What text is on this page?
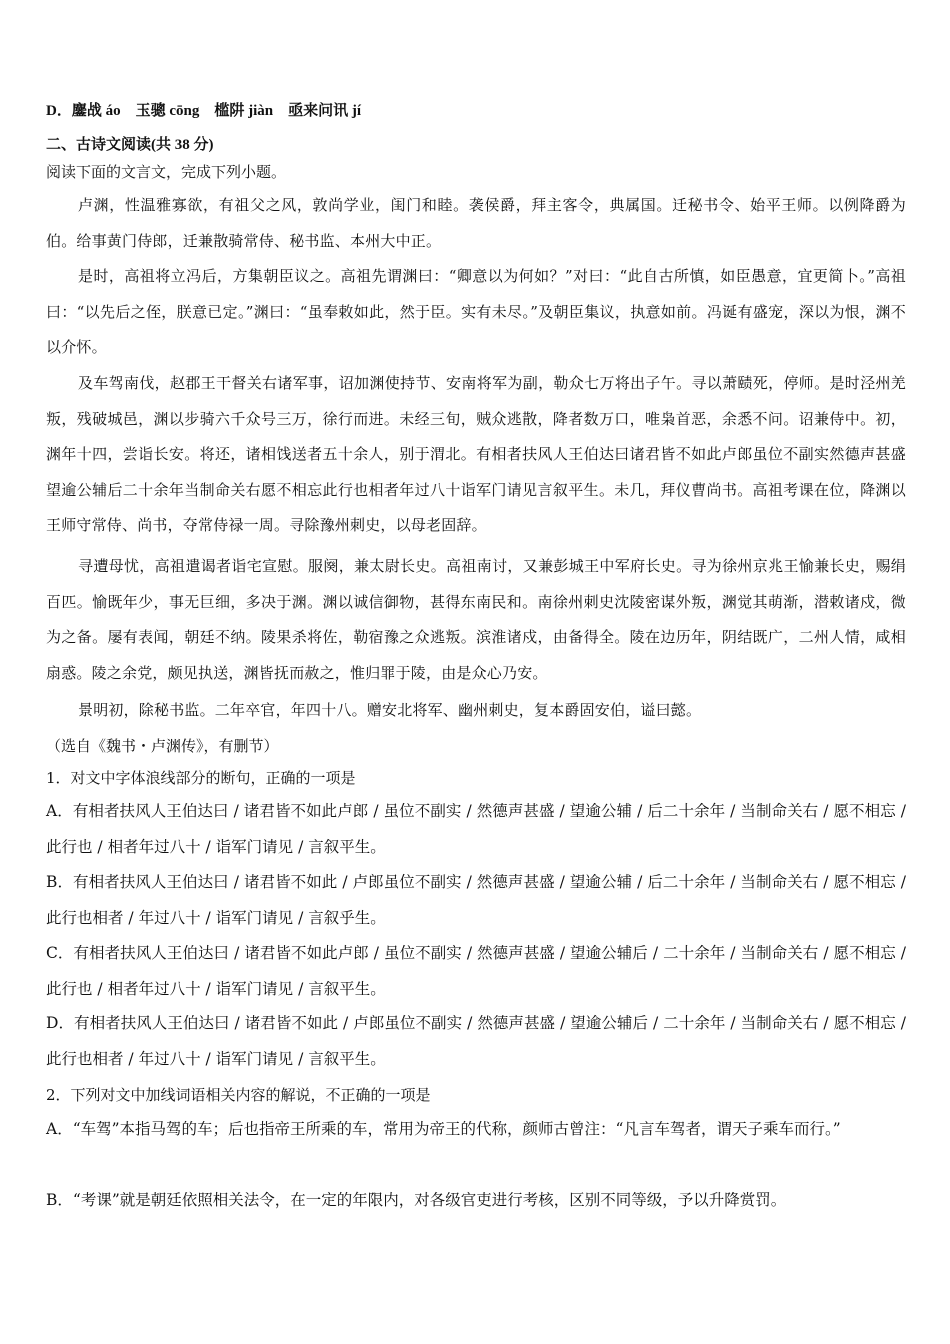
D．鏖战 áo　玉骢 cōng　槛阱 jiàn　亟来问讯 jí
二、古诗文阅读(共 38 分)
阅读下面的文言文，完成下列小题。
卢渊，性温雅寡欲，有祖父之风，敦尚学业，闺门和睦。袭侯爵，拜主客令，典属国。迁秘书令、始平王师。以例降爵为伯。给事黄门侍郎，迁兼散骑常侍、秘书监、本州大中正。
是时，高祖将立冯后，方集朝臣议之。高祖先谓渊曰：“卿意以为何如？”对曰：“此自古所慎，如臣愚意，宜更简卜。”高祖曰：“以先后之侄，朕意已定。”渊曰：“虽奉敕如此，然于臣。实有未尽。”及朝臣集议，执意如前。冯诞有盛宠，深以为恨，渊不以介怀。
及车驾南伐，赵郡王干督关右诸军事，诏加渊使持节、安南将军为副，勒众七万将出子午。寻以萧赜死，停师。是时泾州羌叛，残破城邑，渊以步骑六千众号三万，徐行而进。未经三旬，贼众逃散，降者数万口，唯枭首恶，余悉不问。诏兼侍中。初，渊年十四，尝诣长安。将还，诸相饯送者五十余人，别于渭北。有相者扶风人王伯达曰诸君皆不如此卢郎虽位不副实然德声甚盛望逾公辅后二十余年当制命关右愿不相忘此行也相者年过八十诣军门请见言叙平生。未几，拜仪曹尚书。高祖考课在位，降渊以王师守常侍、尚书，夺常侍禄一周。寻除豫州刺史，以母老固辞。
寻遭母忧，高祖遣谒者诣宅宣慰。服阕，兼太尉长史。高祖南讨，又兼彭城王中军府长史。寻为徐州京兆王愉兼长史，赐绢百匹。愉既年少，事无巨细，多决于渊。渊以诚信御物，甚得东南民和。南徐州刺史沈陵密谋外叛，渊觉其萌渐，潜敕诸戍，微为之备。屡有表闻，朝廷不纳。陵果杀将佐，勒宿豫之众逃叛。滨淮诸戍，由备得全。陵在边历年，阴结既广，二州人情，咸相扇惑。陵之余党，颇见执送，渊皆抚而赦之，惟归罪于陵，由是众心乃安。
景明初，除秘书监。二年卒官，年四十八。赠安北将军、幽州刺史，复本爵固安伯，谥曰懿。
（选自《魏书・卢渊传》，有删节）
1．对文中字体浪线部分的断句，正确的一项是
A．有相者扶风人王伯达曰 / 诸君皆不如此卢郎 / 虽位不副实 / 然德声甚盛 / 望逾公辅 / 后二十余年 / 当制命关右 / 愿不相忘 / 此行也 / 相者年过八十 / 诣军门请见 / 言叙平生。
B．有相者扶风人王伯达曰 / 诸君皆不如此 / 卢郎虽位不副实 / 然德声甚盛 / 望逾公辅 / 后二十余年 / 当制命关右 / 愿不相忘 / 此行也相者 / 年过八十 / 诣军门请见 / 言叙乎生。
C．有相者扶风人王伯达曰 / 诸君皆不如此卢郎 / 虽位不副实 / 然德声甚盛 / 望逾公辅后 / 二十余年 / 当制命关右 / 愿不相忘 / 此行也 / 相者年过八十 / 诣军门请见 / 言叙平生。
D．有相者扶风人王伯达曰 / 诸君皆不如此 / 卢郎虽位不副实 / 然德声甚盛 / 望逾公辅后 / 二十余年 / 当制命关右 / 愿不相忘 / 此行也相者 / 年过八十 / 诣军门请见 / 言叙平生。
2．下列对文中加线词语相关内容的解说，不正确的一项是
A．“车驾”本指马驾的车；后也指帝王所乘的车，常用为帝王的代称，颜师古曾注：“凡言车驾者，谓天子乘车而行。”
B．“考课”就是朝廷依照相关法令，在一定的年限内，对各级官吏进行考核，区别不同等级，予以升降赏罚。
